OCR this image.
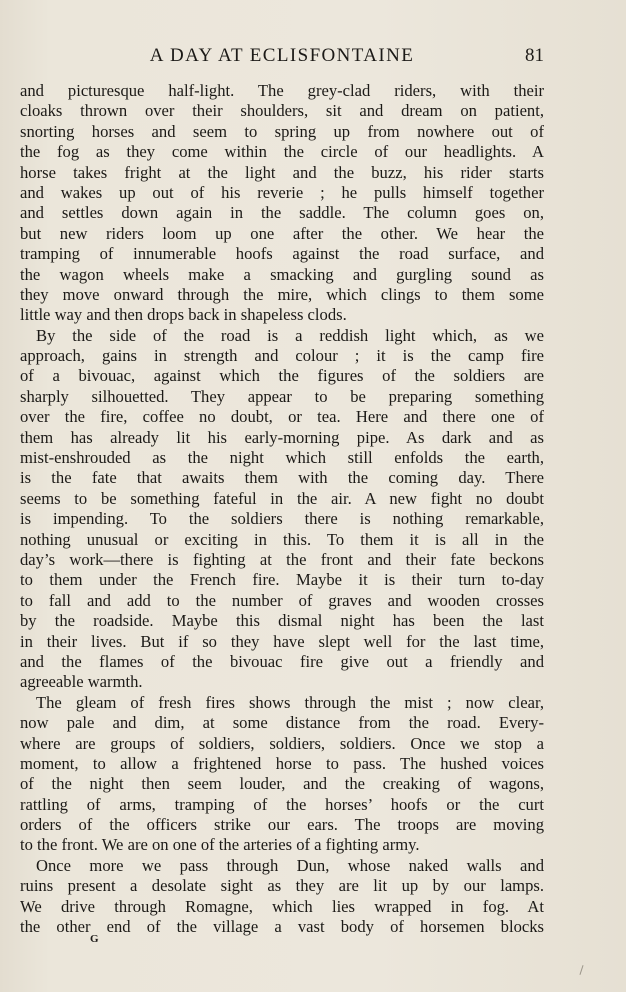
A DAY AT ECLISFONTAINE	81
and picturesque half-light. The grey-clad riders, with their
cloaks thrown over their shoulders, sit and dream on patient,
snorting horses and seem to spring up from nowhere out of
the fog as they come within the circle of our headlights. A
horse takes fright at the light and the buzz, his rider starts
and wakes up out of his reverie ; he pulls himself together
and settles down again in the saddle. The column goes on,
but new riders loom up one after the other. We hear the
tramping of innumerable hoofs against the road surface, and
the wagon wheels make a smacking and gurgling sound as
they move onward through the mire, which clings to them some
little way and then drops back in shapeless clods.
By the side of the road is a reddish light which, as we
approach, gains in strength and colour ; it is the camp fire
of a bivouac, against which the figures of the soldiers are
sharply silhouetted. They appear to be preparing something
over the fire, coffee no doubt, or tea. Here and there one of
them has already lit his early-morning pipe. As dark and as
mist-enshrouded as the night which still enfolds the earth,
is the fate that awaits them with the coming day. There
seems to be something fateful in the air. A new fight no doubt
is impending. To the soldiers there is nothing remarkable,
nothing unusual or exciting in this. To them it is all in the
day’s work—there is fighting at the front and their fate beckons
to them under the French fire. Maybe it is their turn to-day
to fall and add to the number of graves and wooden crosses
by the roadside. Maybe this dismal night has been the last
in their lives. But if so they have slept well for the last time,
and the flames of the bivouac fire give out a friendly and
agreeable warmth.
The gleam of fresh fires shows through the mist ; now clear,
now pale and dim, at some distance from the road. Every-
where are groups of soldiers, soldiers, soldiers. Once we stop a
moment, to allow a frightened horse to pass. The hushed voices
of the night then seem louder, and the creaking of wagons,
rattling of arms, tramping of the horses’ hoofs or the curt
orders of the officers strike our ears. The troops are moving
to the front. We are on one of the arteries of a fighting army.
Once more we pass through Dun, whose naked walls and
ruins present a desolate sight as they are lit up by our lamps.
We drive through Romagne, which lies wrapped in fog. At
the other end of the village a vast body of horsemen blocks
G
